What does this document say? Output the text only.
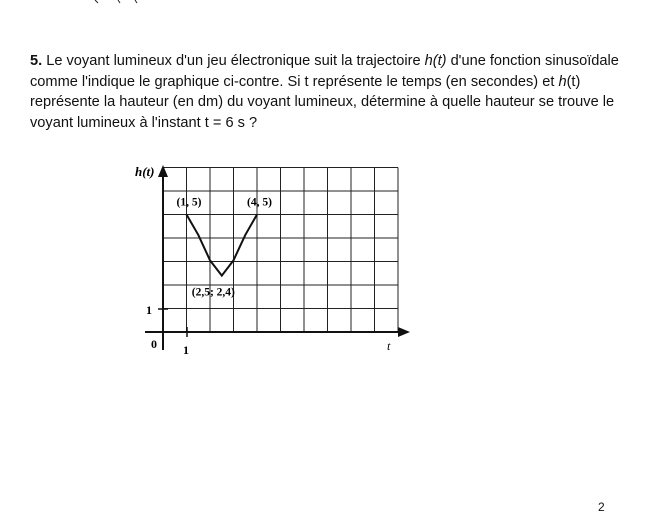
5. Le voyant lumineux d'un jeu électronique suit la trajectoire h(t) d'une fonction sinusoïdale comme l'indique le graphique ci-contre. Si t représente le temps (en secondes) et h(t) représente la hauteur (en dm) du voyant lumineux, détermine à quelle hauteur se trouve le voyant lumineux à l'instant t = 6 s ?

(1, 5)
(2,5; 2,4)
(4, 5)
h(t)
t
0 1
1
2
